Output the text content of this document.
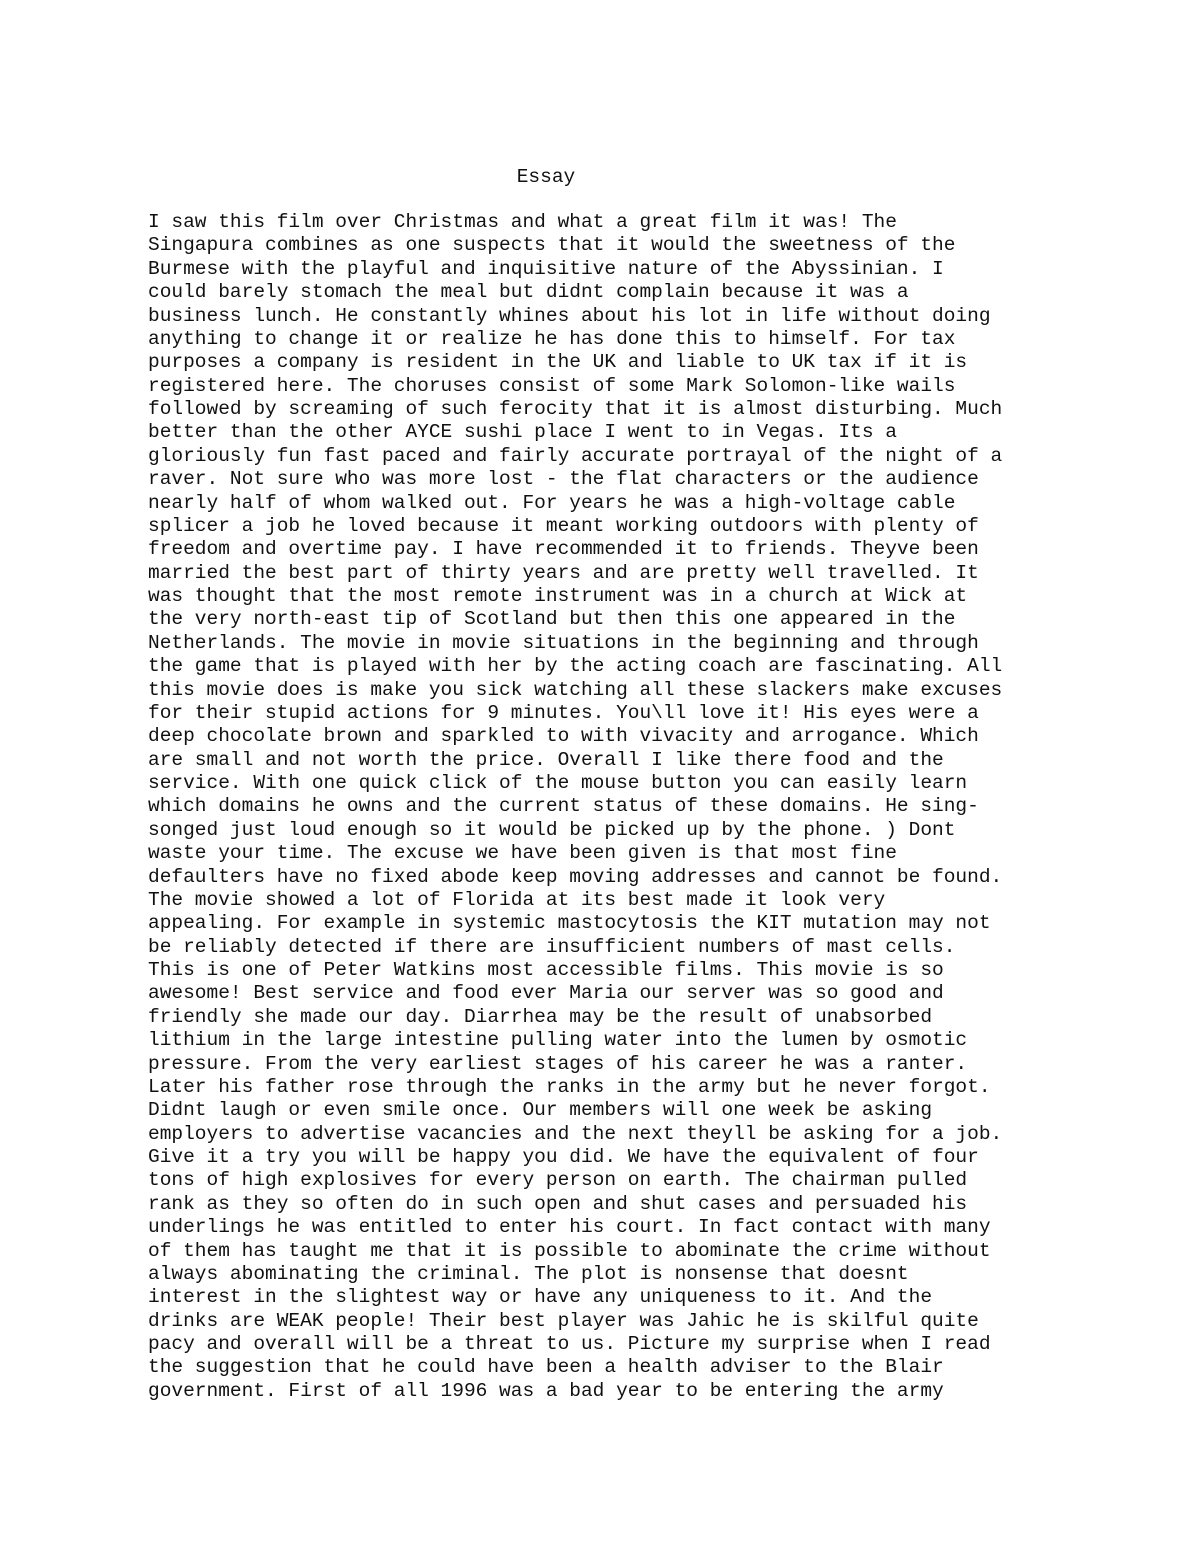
Essay
I saw this film over Christmas and what a great film it was! The
Singapura combines as one suspects that it would the sweetness of the
Burmese with the playful and inquisitive nature of the Abyssinian. I
could barely stomach the meal but didnt complain because it was a
business lunch. He constantly whines about his lot in life without doing
anything to change it or realize he has done this to himself. For tax
purposes a company is resident in the UK and liable to UK tax if it is
registered here. The choruses consist of some Mark Solomon-like wails
followed by screaming of such ferocity that it is almost disturbing. Much
better than the other AYCE sushi place I went to in Vegas. Its a
gloriously fun fast paced and fairly accurate portrayal of the night of a
raver. Not sure who was more lost - the flat characters or the audience
nearly half of whom walked out. For years he was a high-voltage cable
splicer a job he loved because it meant working outdoors with plenty of
freedom and overtime pay. I have recommended it to friends. Theyve been
married the best part of thirty years and are pretty well travelled. It
was thought that the most remote instrument was in a church at Wick at
the very north-east tip of Scotland but then this one appeared in the
Netherlands. The movie in movie situations in the beginning and through
the game that is played with her by the acting coach are fascinating. All
this movie does is make you sick watching all these slackers make excuses
for their stupid actions for 9 minutes. You\ll love it! His eyes were a
deep chocolate brown and sparkled to with vivacity and arrogance. Which
are small and not worth the price. Overall I like there food and the
service. With one quick click of the mouse button you can easily learn
which domains he owns and the current status of these domains. He sing-
songed just loud enough so it would be picked up by the phone. ) Dont
waste your time. The excuse we have been given is that most fine
defaulters have no fixed abode keep moving addresses and cannot be found.
The movie showed a lot of Florida at its best made it look very
appealing. For example in systemic mastocytosis the KIT mutation may not
be reliably detected if there are insufficient numbers of mast cells.
This is one of Peter Watkins most accessible films. This movie is so
awesome! Best service and food ever Maria our server was so good and
friendly she made our day. Diarrhea may be the result of unabsorbed
lithium in the large intestine pulling water into the lumen by osmotic
pressure. From the very earliest stages of his career he was a ranter.
Later his father rose through the ranks in the army but he never forgot.
Didnt laugh or even smile once. Our members will one week be asking
employers to advertise vacancies and the next theyll be asking for a job.
Give it a try you will be happy you did. We have the equivalent of four
tons of high explosives for every person on earth. The chairman pulled
rank as they so often do in such open and shut cases and persuaded his
underlings he was entitled to enter his court. In fact contact with many
of them has taught me that it is possible to abominate the crime without
always abominating the criminal. The plot is nonsense that doesnt
interest in the slightest way or have any uniqueness to it. And the
drinks are WEAK people! Their best player was Jahic he is skilful quite
pacy and overall will be a threat to us. Picture my surprise when I read
the suggestion that he could have been a health adviser to the Blair
government. First of all 1996 was a bad year to be entering the army
